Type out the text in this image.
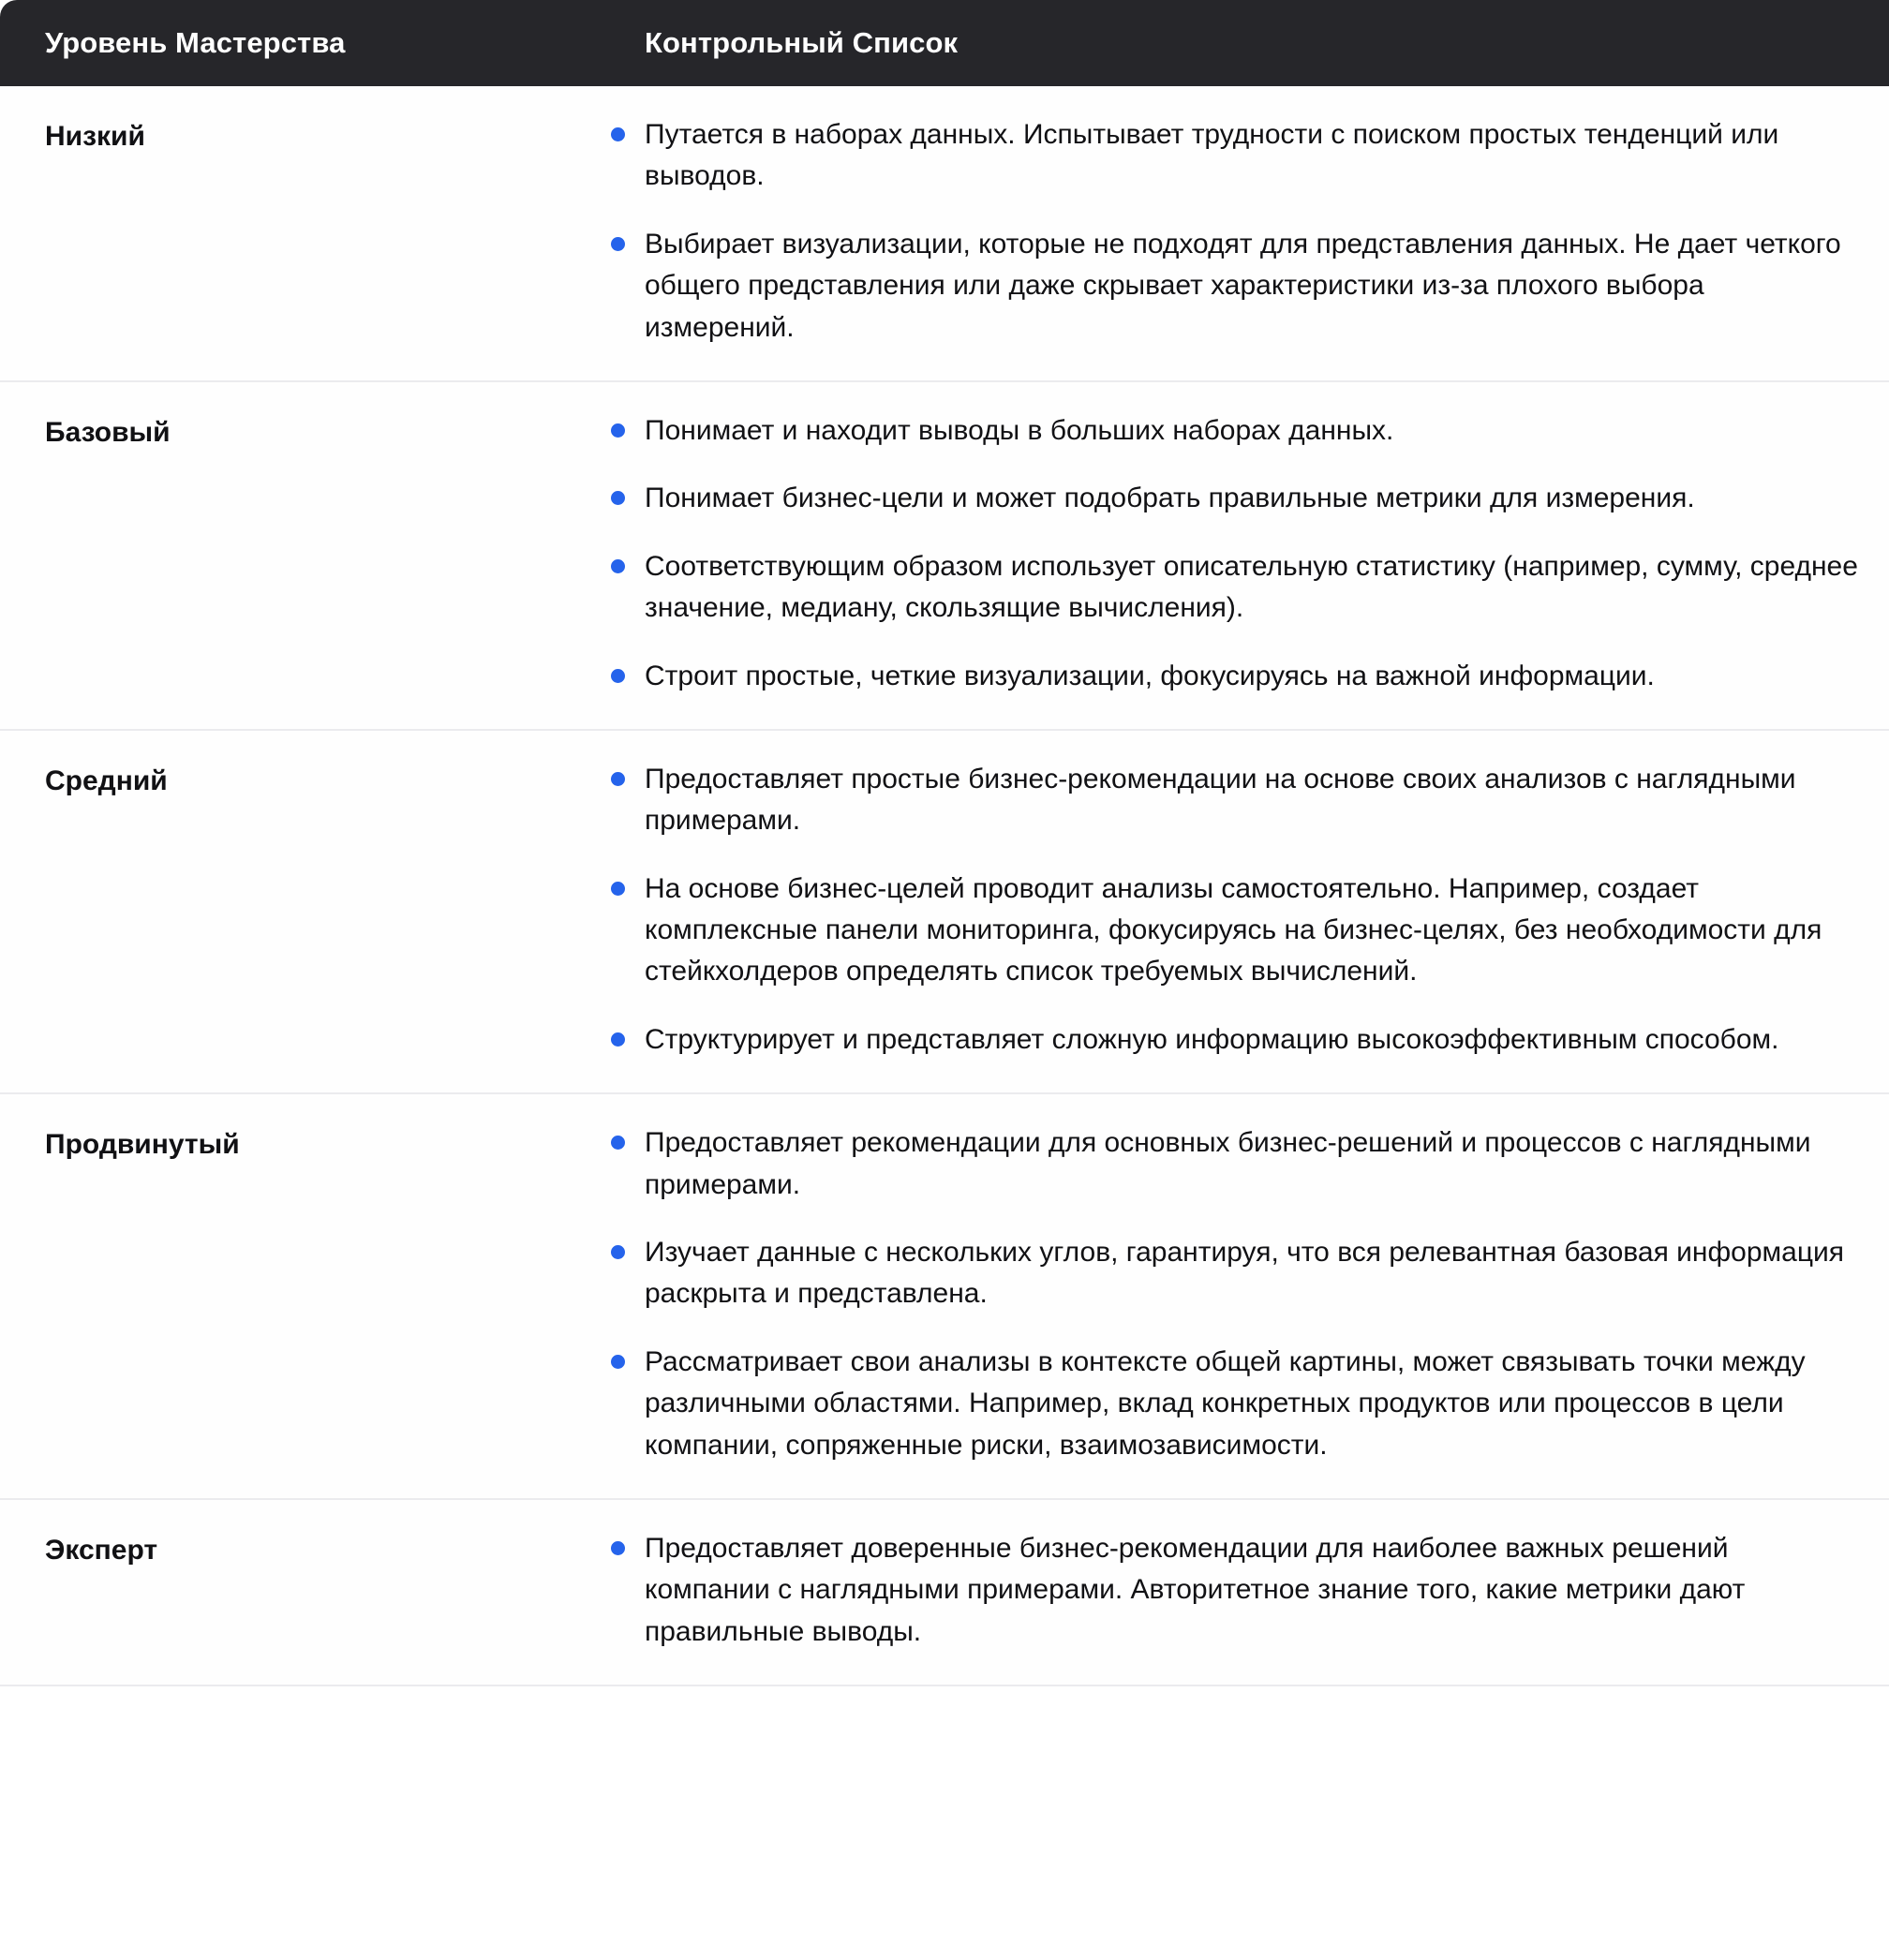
Уровень Мастерства	Контрольный Список

Низкий	Путается в наборах данных. Испытывает трудности с поиском простых тенденций или выводов.
Выбирает визуализации, которые не подходят для представления данных. Не дает четкого общего представления или даже скрывает характеристики из-за плохого выбора измерений.

Базовый	Понимает и находит выводы в больших наборах данных.
Понимает бизнес-цели и может подобрать правильные метрики для измерения.
Соответствующим образом использует описательную статистику (например, сумму, среднее значение, медиану, скользящие вычисления).
Строит простые, четкие визуализации, фокусируясь на важной информации.

Средний	Предоставляет простые бизнес-рекомендации на основе своих анализов с наглядными примерами.
На основе бизнес-целей проводит анализы самостоятельно. Например, создает комплексные панели мониторинга, фокусируясь на бизнес-целях, без необходимости для стейкхолдеров определять список требуемых вычислений.
Структурирует и представляет сложную информацию высокоэффективным способом.

Продвинутый	Предоставляет рекомендации для основных бизнес-решений и процессов с наглядными примерами.
Изучает данные с нескольких углов, гарантируя, что вся релевантная базовая информация раскрыта и представлена.
Рассматривает свои анализы в контексте общей картины, может связывать точки между различными областями. Например, вклад конкретных продуктов или процессов в цели компании, сопряженные риски, взаимозависимости.

Эксперт	Предоставляет доверенные бизнес-рекомендации для наиболее важных решений компании с наглядными примерами. Авторитетное знание того, какие метрики дают правильные выводы.
